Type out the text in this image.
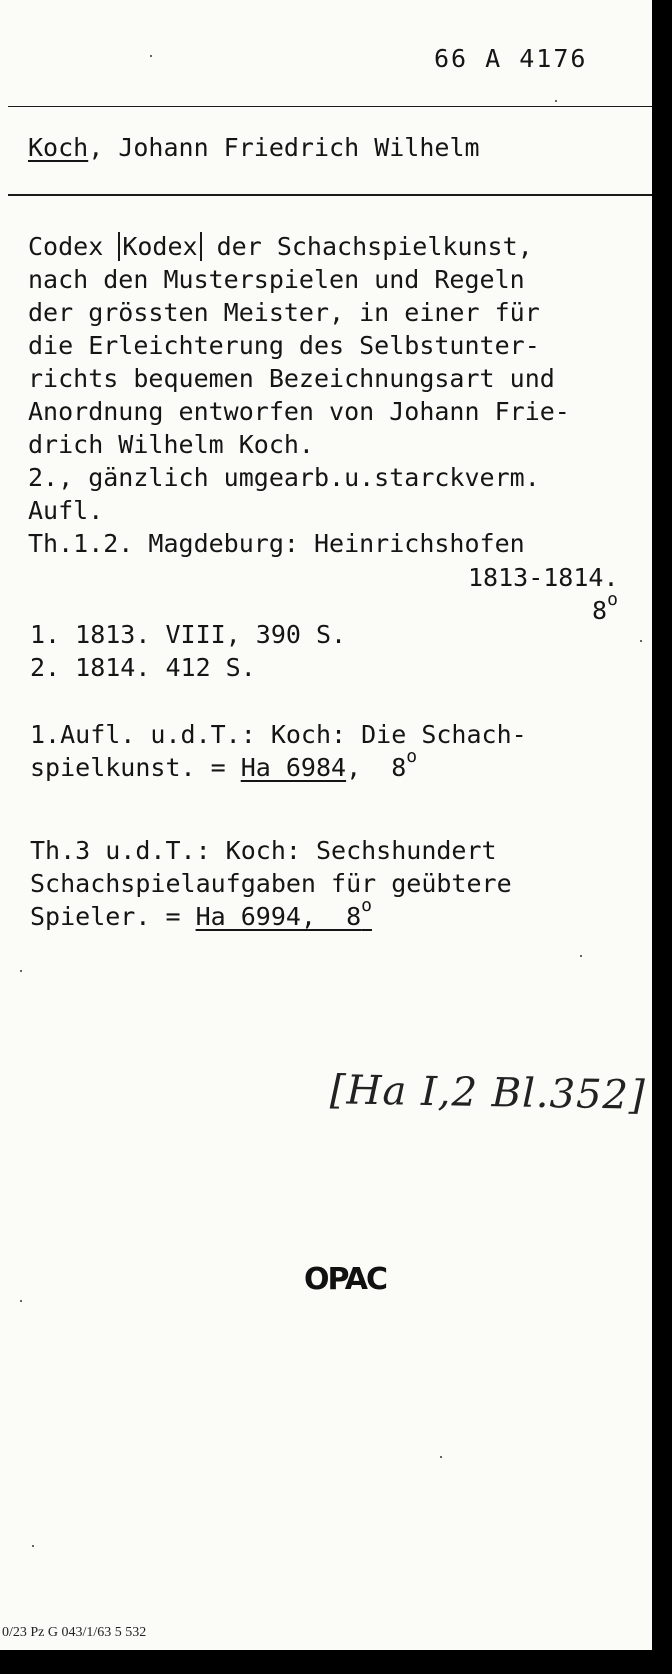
66 A 4176
Koch, Johann Friedrich Wilhelm
Codex Kodex der Schachspielkunst,
nach den Musterspielen und Regeln
der grössten Meister, in einer für
die Erleichterung des Selbstunter-
richts bequemen Bezeichnungsart und
Anordnung entworfen von Johann Frie-
drich Wilhelm Koch.
2., gänzlich umgearb.u.starckverm.
Aufl.
Th.1.2. Magdeburg: Heinrichshofen
1813-1814.
8$^o$
1. 1813. VIII, 390 S.
2. 1814. 412 S.
1.Aufl. u.d.T.: Koch: Die Schach-
spielkunst. = Ha 6984,  8$^o$
Th.3 u.d.T.: Koch: Sechshundert
Schachspielaufgaben für geübtere
Spieler. = Ha 6994,  8$^o$
[Ha I,2 Bl.352]
OPAC
0/23 Pz G 043/1/63 5 532
